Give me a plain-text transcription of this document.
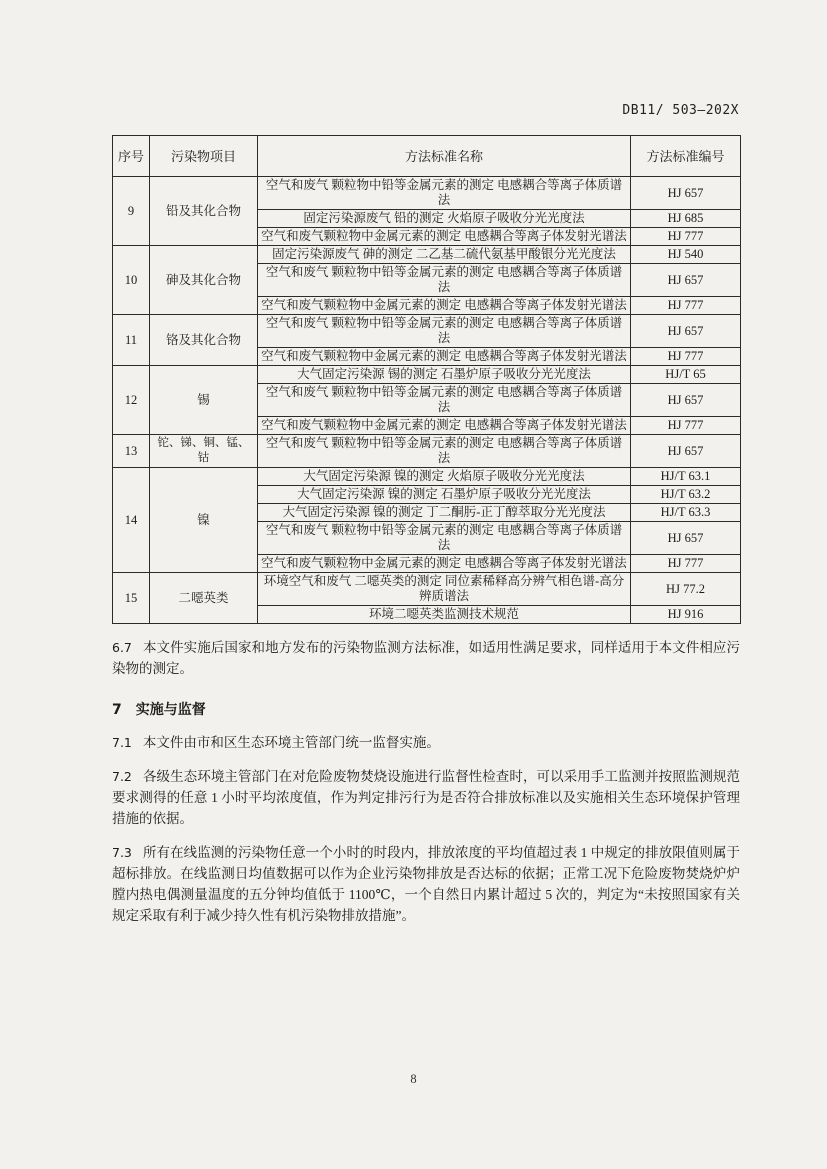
DB11/ 503—202X
序号	污染物项目	方法标准名称	方法标准编号
9	铅及其化合物	空气和废气 颗粒物中铅等金属元素的测定 电感耦合等离子体质谱法	HJ 657
		固定污染源废气 铅的测定 火焰原子吸收分光光度法	HJ 685
		空气和废气颗粒物中金属元素的测定 电感耦合等离子体发射光谱法	HJ 777
10	砷及其化合物	固定污染源废气 砷的测定 二乙基二硫代氨基甲酸银分光光度法	HJ 540
		空气和废气 颗粒物中铅等金属元素的测定 电感耦合等离子体质谱法	HJ 657
		空气和废气颗粒物中金属元素的测定 电感耦合等离子体发射光谱法	HJ 777
11	铬及其化合物	空气和废气 颗粒物中铅等金属元素的测定 电感耦合等离子体质谱法	HJ 657
		空气和废气颗粒物中金属元素的测定 电感耦合等离子体发射光谱法	HJ 777
12	锡	大气固定污染源 锡的测定 石墨炉原子吸收分光光度法	HJ/T 65
		空气和废气 颗粒物中铅等金属元素的测定 电感耦合等离子体质谱法	HJ 657
		空气和废气颗粒物中金属元素的测定 电感耦合等离子体发射光谱法	HJ 777
13	铊、锑、铜、锰、钴	空气和废气 颗粒物中铅等金属元素的测定 电感耦合等离子体质谱法	HJ 657
14	镍	大气固定污染源 镍的测定 火焰原子吸收分光光度法	HJ/T 63.1
		大气固定污染源 镍的测定 石墨炉原子吸收分光光度法	HJ/T 63.2
		大气固定污染源 镍的测定 丁二酮肟-正丁醇萃取分光光度法	HJ/T 63.3
		空气和废气 颗粒物中铅等金属元素的测定 电感耦合等离子体质谱法	HJ 657
		空气和废气颗粒物中金属元素的测定 电感耦合等离子体发射光谱法	HJ 777
15	二噁英类	环境空气和废气 二噁英类的测定 同位素稀释高分辨气相色谱-高分辨质谱法	HJ 77.2
		环境二噁英类监测技术规范	HJ 916
6.7 本文件实施后国家和地方发布的污染物监测方法标准，如适用性满足要求，同样适用于本文件相应污染物的测定。
7 实施与监督
7.1 本文件由市和区生态环境主管部门统一监督实施。
7.2 各级生态环境主管部门在对危险废物焚烧设施进行监督性检查时，可以采用手工监测并按照监测规范要求测得的任意 1 小时平均浓度值，作为判定排污行为是否符合排放标准以及实施相关生态环境保护管理措施的依据。
7.3 所有在线监测的污染物任意一个小时的时段内，排放浓度的平均值超过表 1 中规定的排放限值则属于超标排放。在线监测日均值数据可以作为企业污染物排放是否达标的依据；正常工况下危险废物焚烧炉炉膛内热电偶测量温度的五分钟均值低于 1100℃，一个自然日内累计超过 5 次的，判定为“未按照国家有关规定采取有利于减少持久性有机污染物排放措施”。
8
